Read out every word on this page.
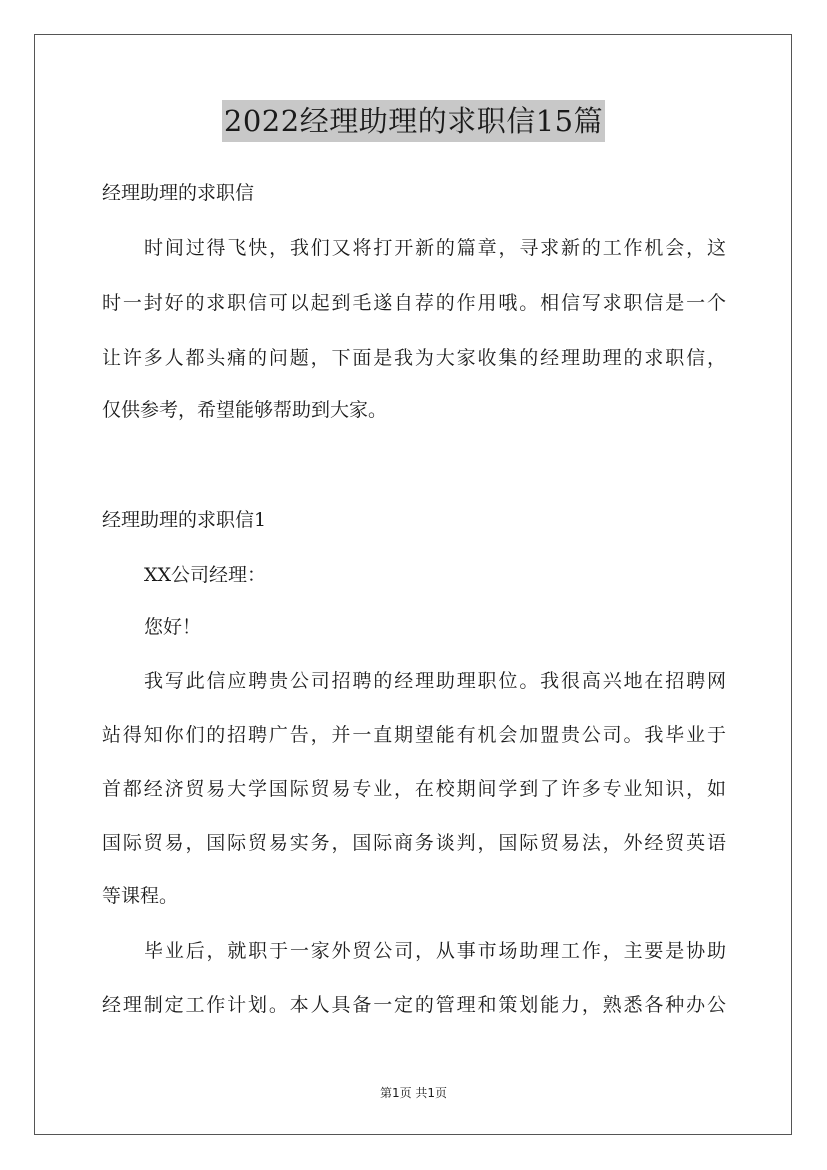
2022经理助理的求职信15篇
经理助理的求职信
时间过得飞快，我们又将打开新的篇章，寻求新的工作机会，这
时一封好的求职信可以起到毛遂自荐的作用哦。相信写求职信是一个
让许多人都头痛的问题，下面是我为大家收集的经理助理的求职信，
仅供参考，希望能够帮助到大家。
经理助理的求职信1
XX公司经理：
您好！
我写此信应聘贵公司招聘的经理助理职位。我很高兴地在招聘网
站得知你们的招聘广告，并一直期望能有机会加盟贵公司。我毕业于
首都经济贸易大学国际贸易专业，在校期间学到了许多专业知识，如
国际贸易，国际贸易实务，国际商务谈判，国际贸易法，外经贸英语
等课程。
毕业后，就职于一家外贸公司，从事市场助理工作，主要是协助
经理制定工作计划。本人具备一定的管理和策划能力，熟悉各种办公
第1页 共1页
